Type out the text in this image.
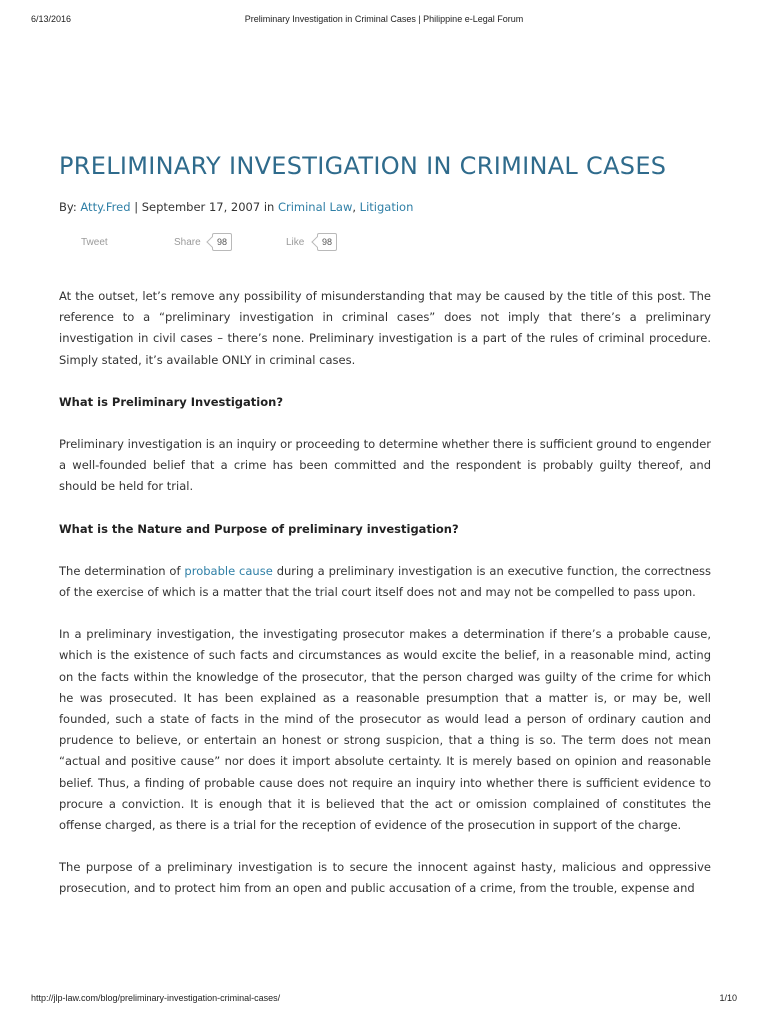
6/13/2016	Preliminary Investigation in Criminal Cases | Philippine e-Legal Forum
PRELIMINARY INVESTIGATION IN CRIMINAL CASES
By: Atty.Fred | September 17, 2007 in Criminal Law, Litigation
Tweet	Share	98	Like	98

At the outset, let’s remove any possibility of misunderstanding that may be caused by the title of this post. The reference to a “preliminary investigation in criminal cases” does not imply that there’s a preliminary investigation in civil cases – there’s none. Preliminary investigation is a part of the rules of criminal procedure. Simply stated, it’s available ONLY in criminal cases.

What is Preliminary Investigation?

Preliminary investigation is an inquiry or proceeding to determine whether there is sufficient ground to engender a well-founded belief that a crime has been committed and the respondent is probably guilty thereof, and should be held for trial.

What is the Nature and Purpose of preliminary investigation?

The determination of probable cause during a preliminary investigation is an executive function, the correctness of the exercise of which is a matter that the trial court itself does not and may not be compelled to pass upon.

In a preliminary investigation, the investigating prosecutor makes a determination if there’s a probable cause, which is the existence of such facts and circumstances as would excite the belief, in a reasonable mind, acting on the facts within the knowledge of the prosecutor, that the person charged was guilty of the crime for which he was prosecuted. It has been explained as a reasonable presumption that a matter is, or may be, well founded, such a state of facts in the mind of the prosecutor as would lead a person of ordinary caution and prudence to believe, or entertain an honest or strong suspicion, that a thing is so. The term does not mean “actual and positive cause” nor does it import absolute certainty. It is merely based on opinion and reasonable belief. Thus, a finding of probable cause does not require an inquiry into whether there is sufficient evidence to procure a conviction. It is enough that it is believed that the act or omission complained of constitutes the offense charged, as there is a trial for the reception of evidence of the prosecution in support of the charge.

The purpose of a preliminary investigation is to secure the innocent against hasty, malicious and oppressive prosecution, and to protect him from an open and public accusation of a crime, from the trouble, expense and

http://jlp-law.com/blog/preliminary-investigation-criminal-cases/	1/10
